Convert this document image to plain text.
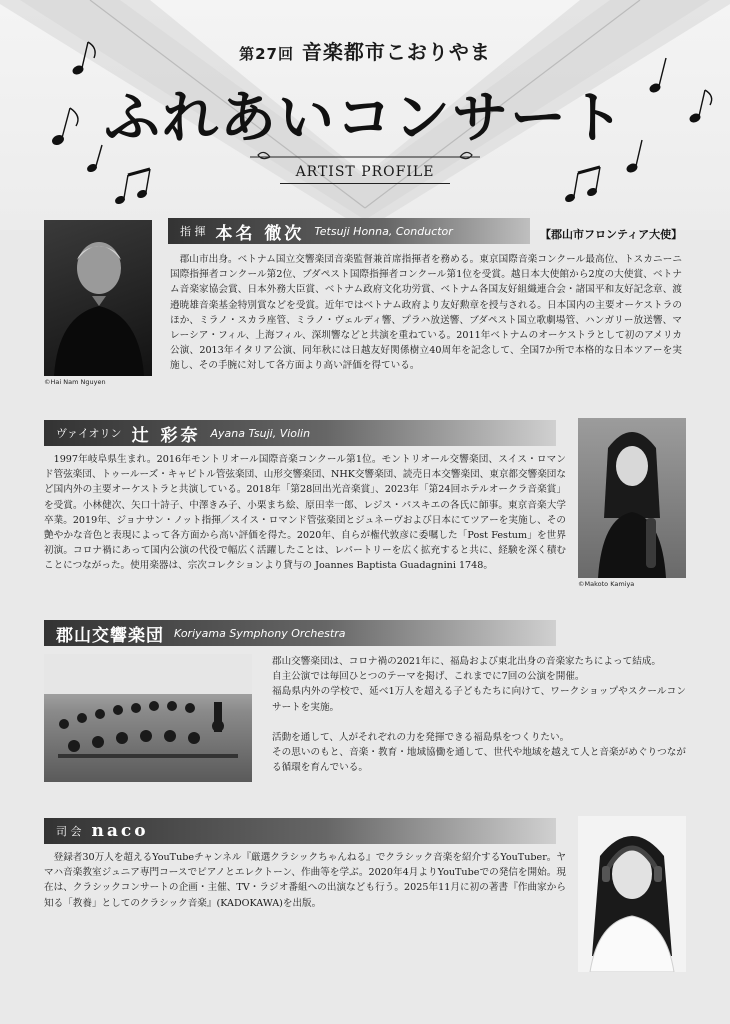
第27回 音楽都市こおりやま
ふれあいコンサート
ARTIST PROFILE
©Hai Nam Nguyen
指 揮 本名 徹次 Tetsuji Honna, Conductor	【郡山市フロンティア大使】
郡山市出身。ベトナム国立交響楽団音楽監督兼首席指揮者を務める。東京国際音楽コンクール最高位、トスカニーニ国際指揮者コンクール第2位、ブダペスト国際指揮者コンクール第1位を受賞。越日本大使館から2度の大使賞、ベトナム音楽家協会賞、日本外務大臣賞、ベトナム政府文化功労賞、ベトナム各国友好組織連合会・諸国平和友好記念章、渡邉暁雄音楽基金特別賞などを受賞。近年ではベトナム政府より友好勲章を授与される。日本国内の主要オーケストラのほか、ミラノ・スカラ座管、ミラノ・ヴェルディ響、プラハ放送響、ブダペスト国立歌劇場管、ハンガリー放送響、マレーシア・フィル、上海フィル、深圳響などと共演を重ねている。2011年ベトナムのオーケストラとして初のアメリカ公演、2013年イタリア公演、同年秋には日越友好関係樹立40周年を記念して、全国7か所で本格的な日本ツアーを実施し、その手腕に対して各方面より高い評価を得ている。
ヴァイオリン 辻 彩奈 Ayana Tsuji, Violin
1997年岐阜県生まれ。2016年モントリオール国際音楽コンクール第1位。モントリオール交響楽団、スイス・ロマンド管弦楽団、トゥールーズ・キャピトル管弦楽団、山形交響楽団、NHK交響楽団、読売日本交響楽団、東京都交響楽団など国内外の主要オーケストラと共演している。2018年「第28回出光音楽賞」、2023年「第24回ホテルオークラ音楽賞」を受賞。小林健次、矢口十詩子、中澤きみ子、小栗まち絵、原田幸一郎、レジス・パスキエの各氏に師事。東京音楽大学卒業。2019年、ジョナサン・ノット指揮／スイス・ロマンド管弦楽団とジュネーヴおよび日本にてツアーを実施し、その艶やかな音色と表現によって各方面から高い評価を得た。2020年、自らが権代敦彦に委嘱した「Post Festum」を世界初演。コロナ禍にあって国内公演の代役で幅広く活躍したことは、レパートリーを広く拡充すると共に、経験を深く積むことにつながった。使用楽器は、宗次コレクションより貸与の Joannes Baptista Guadagnini 1748。
©Makoto Kamiya
郡山交響楽団 Koriyama Symphony Orchestra

郡山交響楽団は、コロナ禍の2021年に、福島および東北出身の音楽家たちによって結成。

自主公演では毎回ひとつのテーマを掲げ、これまでに7回の公演を開催。

福島県内外の学校で、延べ1万人を超える子どもたちに向けて、ワークショップやスクールコンサートを実施。

活動を通して、人がそれぞれの力を発揮できる福島県をつくりたい。

その思いのもと、音楽・教育・地域協働を通して、世代や地域を越えて人と音楽がめぐりつながる循環を育んでいる。

司 会 naco
登録者30万人を超えるYouTubeチャンネル『厳選クラシックちゃんねる』でクラシック音楽を紹介するYouTuber。ヤマハ音楽教室ジュニア専門コースでピアノとエレクトーン、作曲等を学ぶ。2020年4月よりYouTubeでの発信を開始。現在は、クラシックコンサートの企画・主催、TV・ラジオ番組への出演なども行う。2025年11月に初の著書『作曲家から知る「教養」としてのクラシック音楽』(KADOKAWA)を出版。
